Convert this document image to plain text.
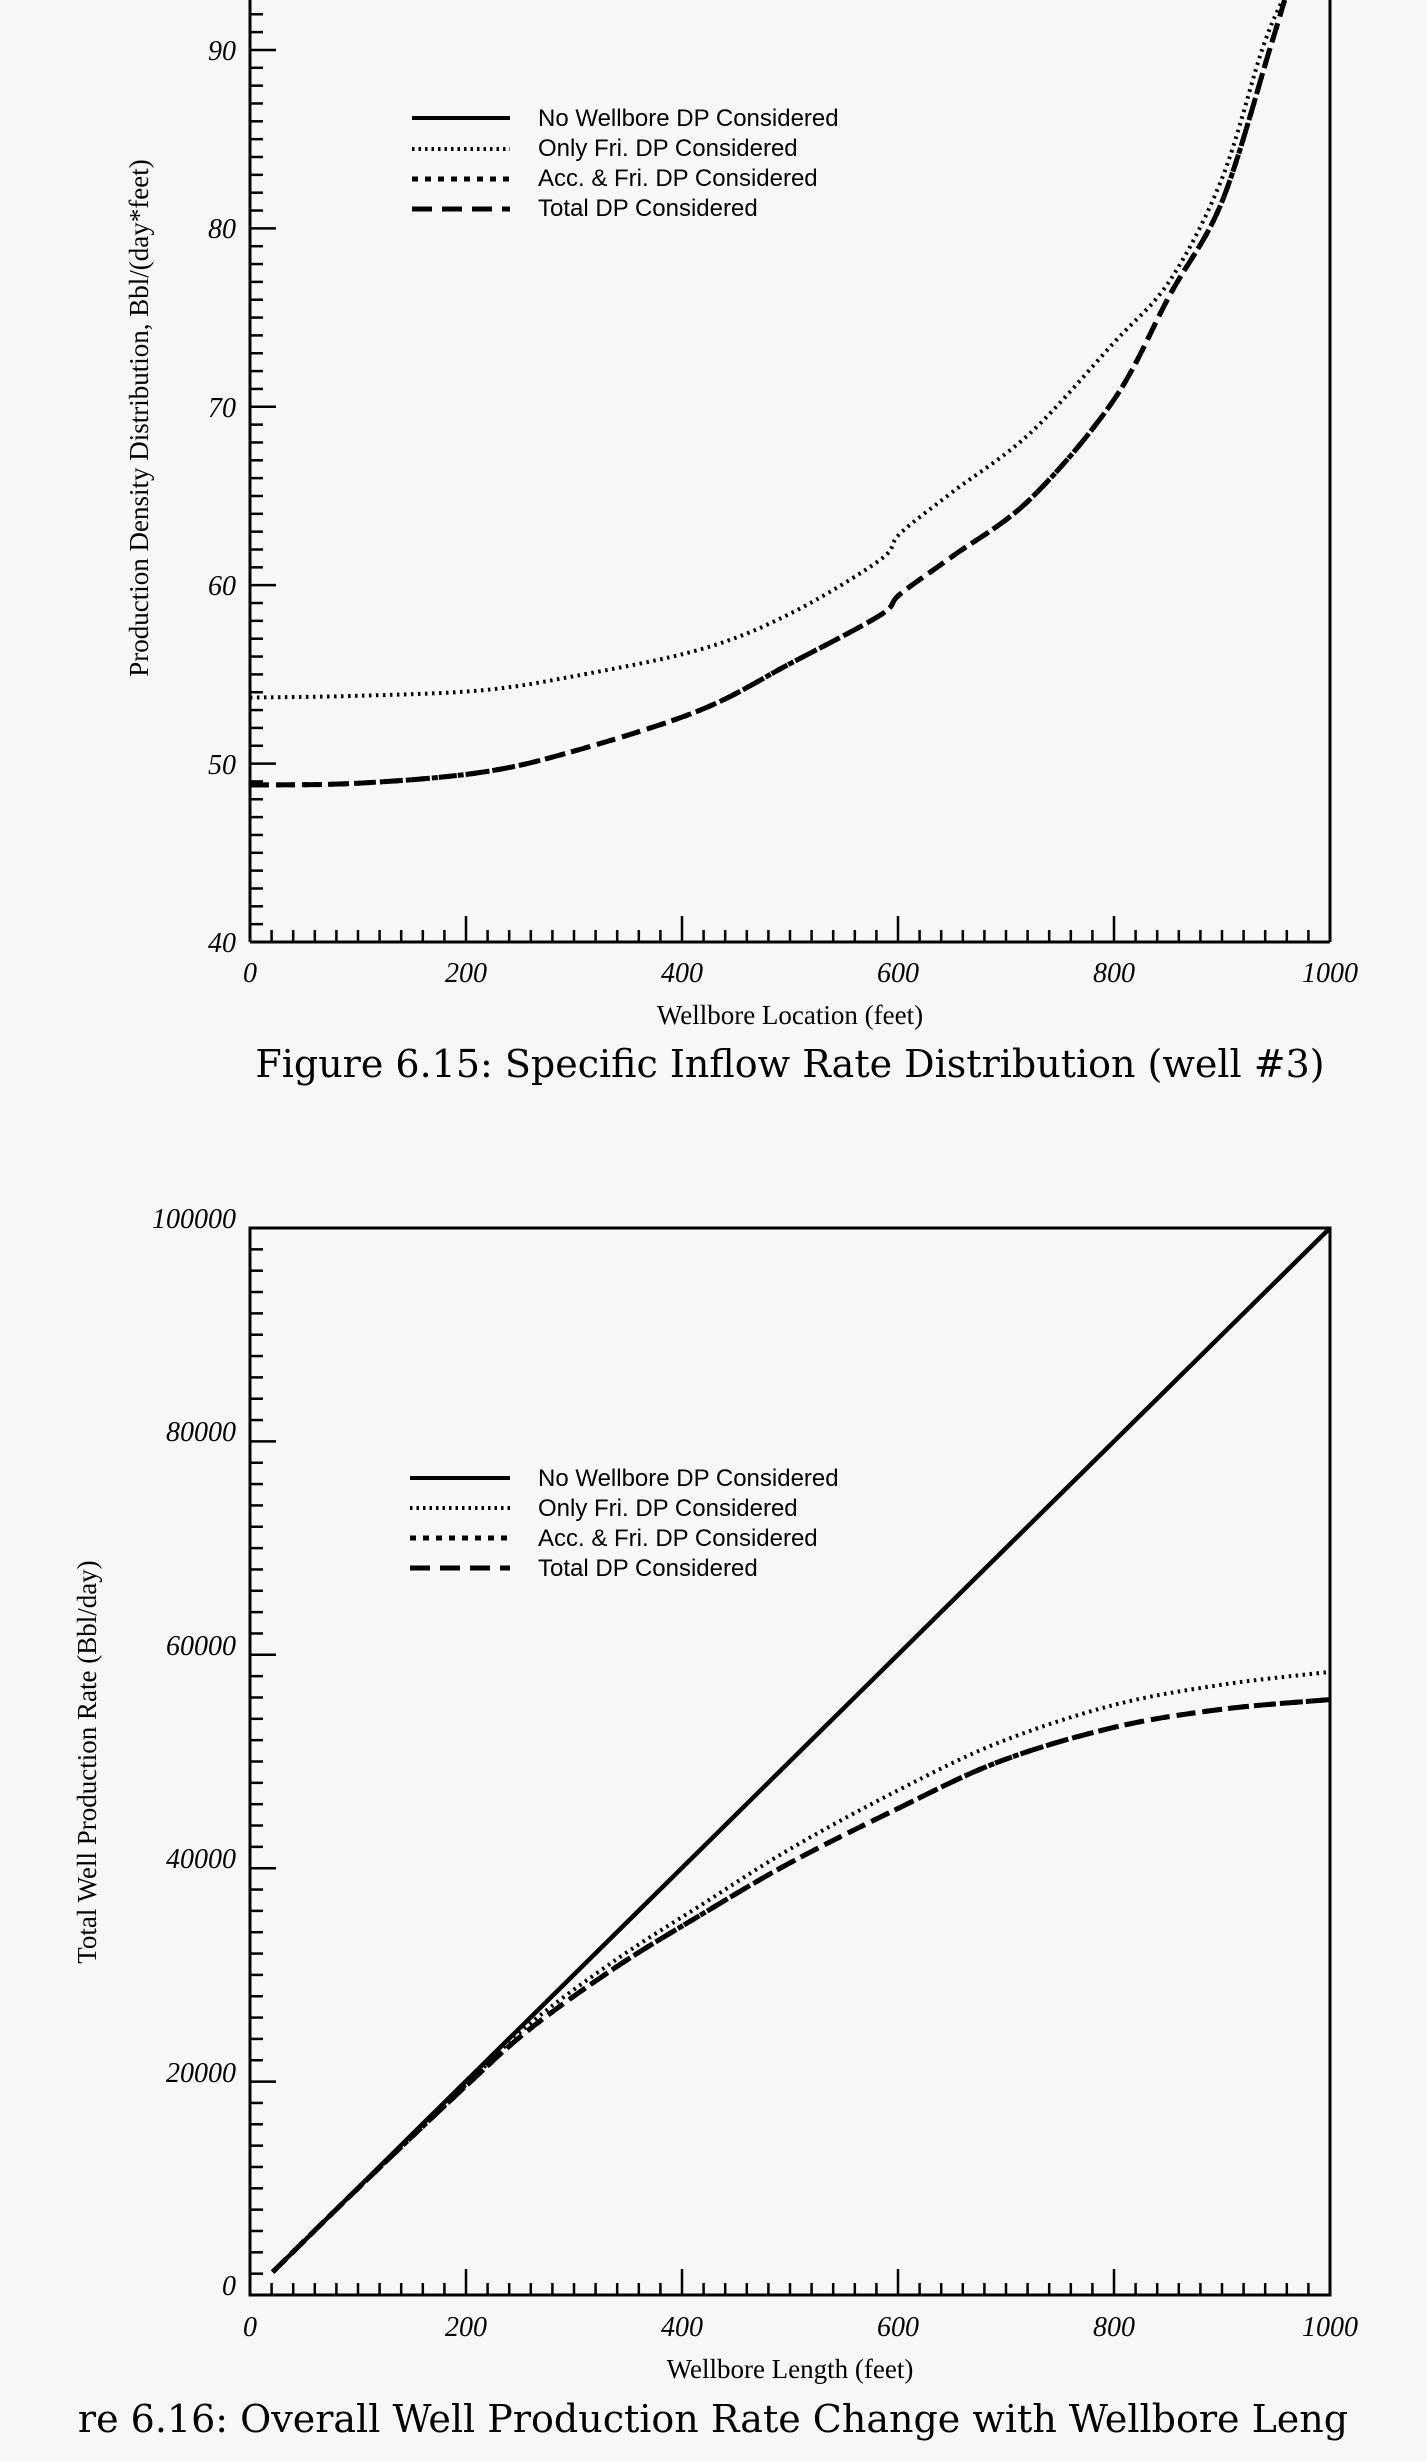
40
50
60
70
80
90
0	200	400	600	800	1000
Wellbore Location (feet)
Production Density Distribution, Bbl/(day*feet)
No Wellbore DP Considered
Only Fri. DP Considered
Acc. & Fri. DP Considered
Total DP Considered
Figure 6.15: Specific Inflow Rate Distribution (well #3)
0
20000
40000
60000
80000
100000
0	200	400	600	800	1000
Wellbore Length (feet)
Total Well Production Rate (Bbl/day)
No Wellbore DP Considered
Only Fri. DP Considered
Acc. & Fri. DP Considered
Total DP Considered
re 6.16: Overall Well Production Rate Change with Wellbore Leng
